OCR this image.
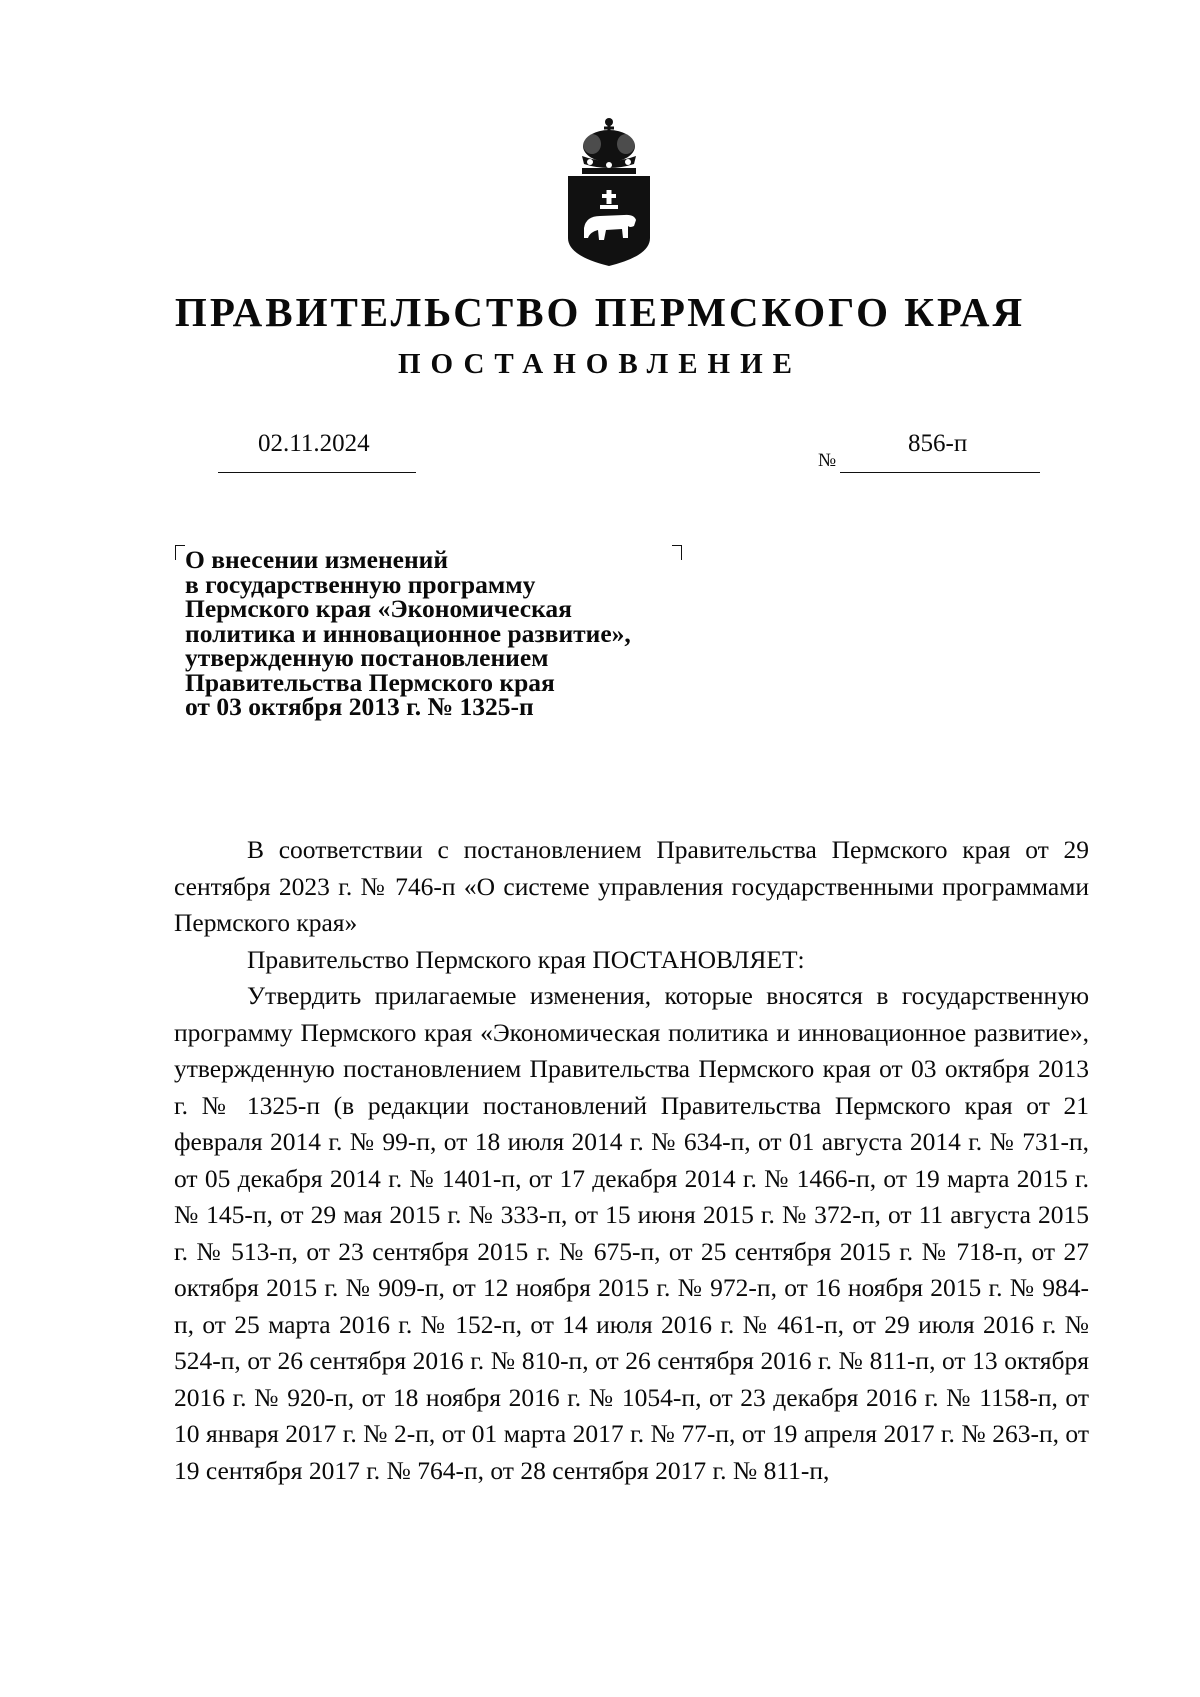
ПРАВИТЕЛЬСТВО ПЕРМСКОГО КРАЯ
ПОСТАНОВЛЕНИЕ
02.11.2024
№
856-п
О внесении изменений
в государственную программу
Пермского края «Экономическая
политика и инновационное развитие»,
утвержденную постановлением
Правительства Пермского края
от 03 октября 2013 г. № 1325-п

В соответствии с постановлением Правительства Пермского края от 29 сентября 2023 г. № 746-п «О системе управления государственными программами Пермского края»

Правительство Пермского края ПОСТАНОВЛЯЕТ:

Утвердить прилагаемые изменения, которые вносятся в государственную программу Пермского края «Экономическая политика и инновационное развитие», утвержденную постановлением Правительства Пермского края от 03 октября 2013 г. № 1325-п (в редакции постановлений Правительства Пермского края от 21 февраля 2014 г. № 99-п, от 18 июля 2014 г. № 634-п, от 01 августа 2014 г. № 731-п, от 05 декабря 2014 г. № 1401-п, от 17 декабря 2014 г. № 1466-п, от 19 марта 2015 г. № 145-п, от 29 мая 2015 г. № 333-п, от 15 июня 2015 г. № 372-п, от 11 августа 2015 г. № 513-п, от 23 сентября 2015 г. № 675-п, от 25 сентября 2015 г. № 718-п, от 27 октября 2015 г. № 909-п, от 12 ноября 2015 г. № 972-п, от 16 ноября 2015 г. № 984-п, от 25 марта 2016 г. № 152-п, от 14 июля 2016 г. № 461-п, от 29 июля 2016 г. № 524-п, от 26 сентября 2016 г. № 810-п, от 26 сентября 2016 г. № 811-п, от 13 октября 2016 г. № 920-п, от 18 ноября 2016 г. № 1054-п, от 23 декабря 2016 г. № 1158-п, от 10 января 2017 г. № 2-п, от 01 марта 2017 г. № 77-п, от 19 апреля 2017 г. № 263-п, от 19 сентября 2017 г. № 764-п, от 28 сентября 2017 г. № 811-п,
